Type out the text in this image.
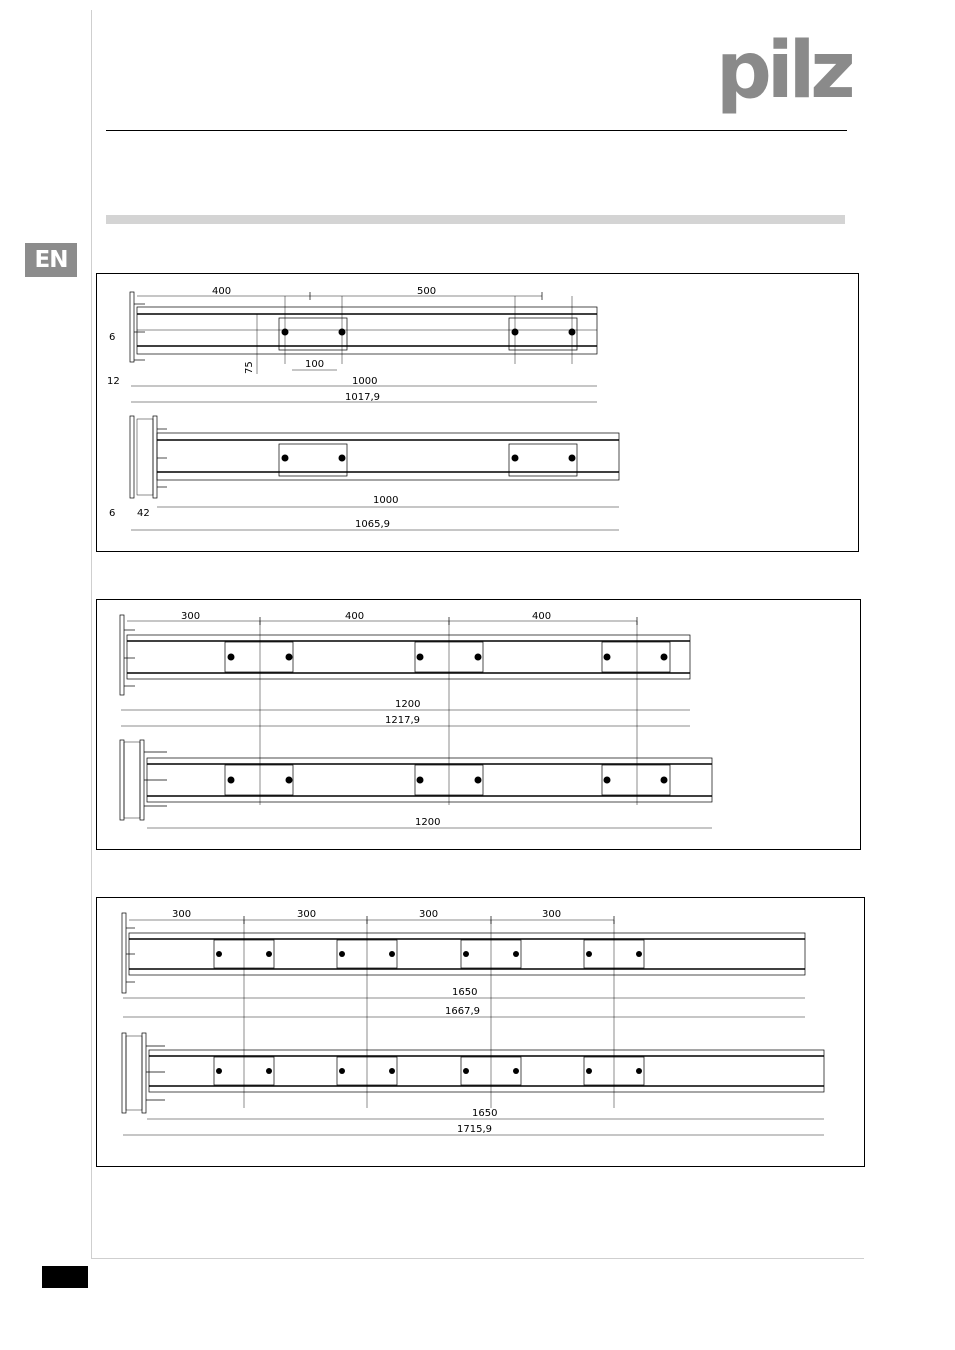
pilz
EN
400	500
6
75	100
12	1000
1017,9
1000
6 42
1065,9
300	400	400
1200
1217,9
1200
300	300	300	300
1650
1667,9
1650
1715,9
